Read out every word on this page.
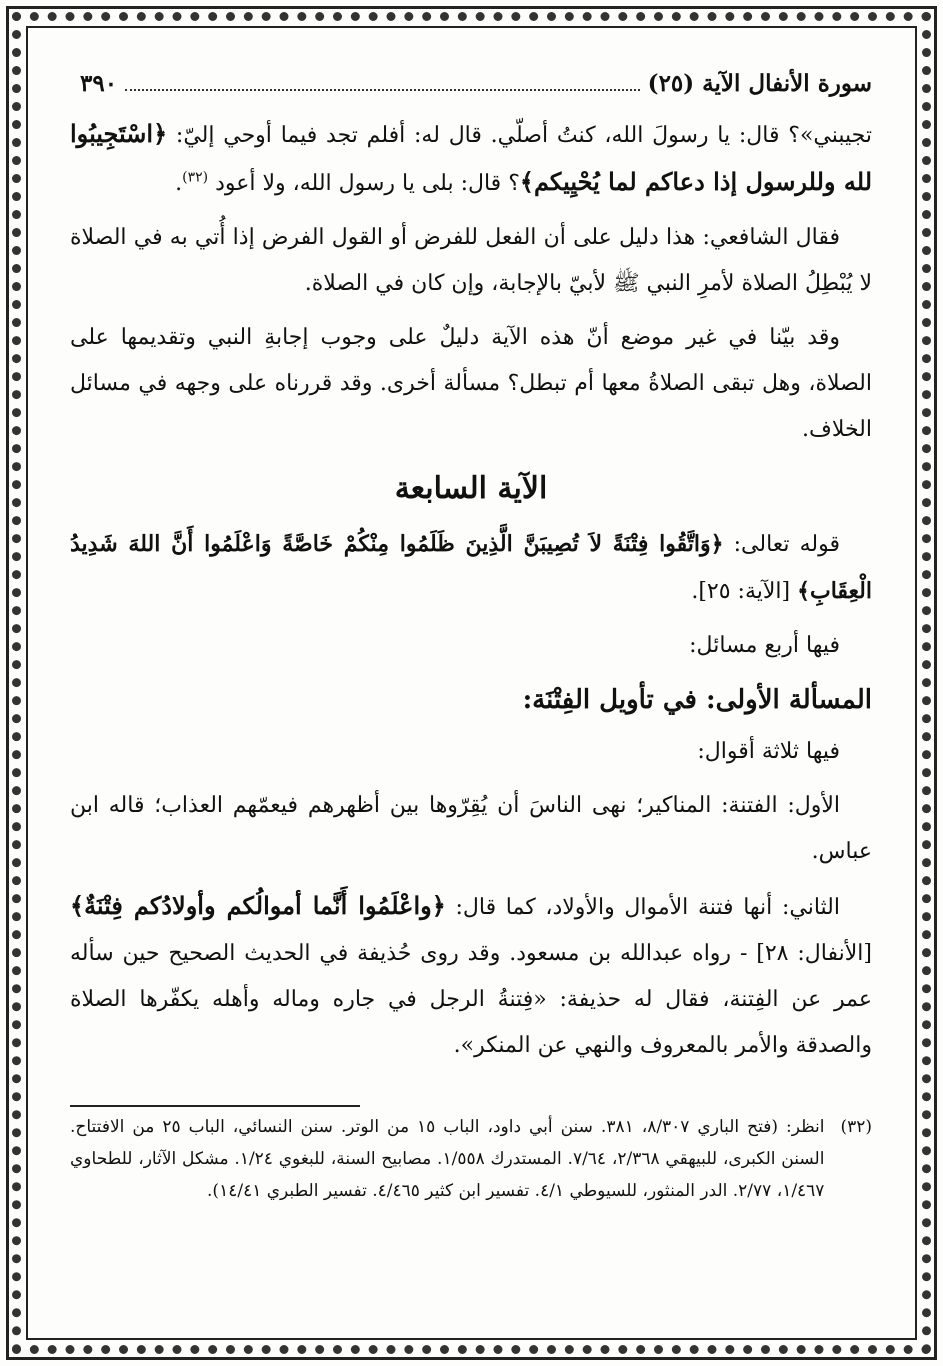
سورة الأنفال الآية (٢٥)
٣٩٠

تجيبني»؟ قال: يا رسولَ الله، كنتُ أصلّي. قال له: أفلم تجد فيما أوحي إليّ: ﴿اسْتَجِيبُوا لله وللرسول إذا دعاكم لما يُحْيِيكم﴾؟ قال: بلى يا رسول الله، ولا أعود $^{(٣٢)}$.

فقال الشافعي: هذا دليل على أن الفعل للفرض أو القول الفرض إذا أُتي به في الصلاة لا يُبْطِلُ الصلاة لأمرِ النبي ﷺ لأبيّ بالإجابة، وإن كان في الصلاة.

وقد بيّنا في غير موضع أنّ هذه الآية دليلٌ على وجوب إجابةِ النبي وتقديمها على الصلاة، وهل تبقى الصلاةُ معها أم تبطل؟ مسألة أخرى. وقد قررناه على وجهه في مسائل الخلاف.

الآية السابعة

قوله تعالى: ﴿وَاتَّقُوا فِتْنَةً لاَ تُصِيبَنَّ الَّذِينَ ظَلَمُوا مِنْكُمْ خَاصَّةً وَاعْلَمُوا أَنَّ اللهَ شَدِيدُ الْعِقَابِ﴾ [الآية: ٢٥].

فيها أربع مسائل:

المسألة الأولى: في تأويل الفِتْنَة:

فيها ثلاثة أقوال:

الأول: الفتنة: المناكير؛ نهى الناسَ أن يُقِرّوها بين أظهرهم فيعمّهم العذاب؛ قاله ابن عباس.

الثاني: أنها فتنة الأموال والأولاد، كما قال: ﴿واعْلَمُوا أَنَّما أموالُكم وأولادُكم فِتْنَةٌ﴾ [الأنفال: ٢٨] - رواه عبدالله بن مسعود. وقد روى حُذيفة في الحديث الصحيح حين سأله عمر عن الفِتنة، فقال له حذيفة: «فِتنةُ الرجل في جاره وماله وأهله يكفّرها الصلاة والصدقة والأمر بالمعروف والنهي عن المنكر».

(٣٢)
انظر: (فتح الباري ٨/٣٠٧، ٣٨١. سنن أبي داود، الباب ١٥ من الوتر. سنن النسائي، الباب ٢٥ من الافتتاح. السنن الكبرى، للبيهقي ٢/٣٦٨، ٧/٦٤. المستدرك ١/٥٥٨. مصابيح السنة، للبغوي ١/٢٤. مشكل الآثار، للطحاوي ١/٤٦٧، ٢/٧٧. الدر المنثور، للسيوطي ٤/١. تفسير ابن كثير ٤/٤٦٥. تفسير الطبري ١٤/٤١).
